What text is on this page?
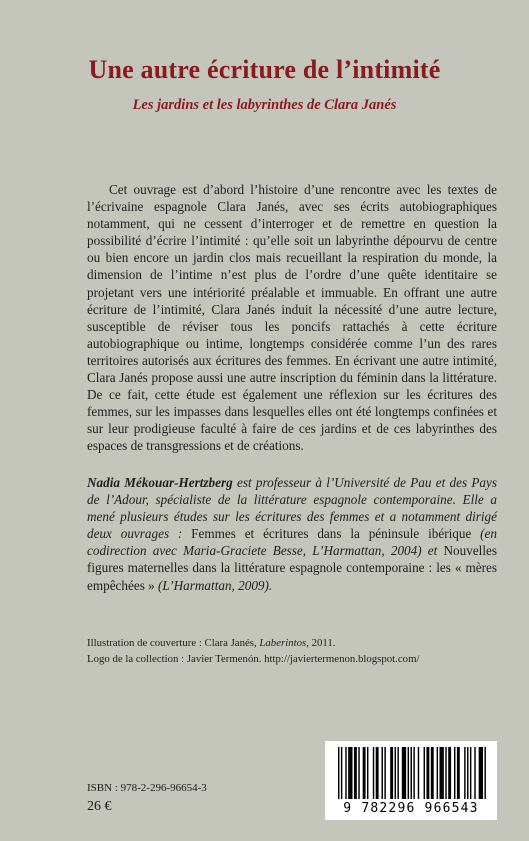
Une autre écriture de l’intimité
Les jardins et les labyrinthes de Clara Janés

Cet ouvrage est d’abord l’histoire d’une rencontre avec les textes de l’écrivaine espagnole Clara Janés, avec ses écrits autobiographiques notamment, qui ne cessent d’interroger et de remettre en question la possibilité d’écrire l’intimité : qu’elle soit un labyrinthe dépourvu de centre ou bien encore un jardin clos mais recueillant la respiration du monde, la dimension de l’intime n’est plus de l’ordre d’une quête identitaire se projetant vers une intériorité préalable et immuable. En offrant une autre écriture de l’intimité, Clara Janés induit la nécessité d’une autre lecture, susceptible de réviser tous les poncifs rattachés à cette écriture autobiographique ou intime, longtemps considérée comme l’un des rares territoires autorisés aux écritures des femmes. En écrivant une autre intimité, Clara Janés propose aussi une autre inscription du féminin dans la littérature. De ce fait, cette étude est également une réflexion sur les écritures des femmes, sur les impasses dans lesquelles elles ont été longtemps confinées et sur leur prodigieuse faculté à faire de ces jardins et de ces labyrinthes des espaces de transgressions et de créations.

Nadia Mékouar-Hertzberg est professeur à l’Université de Pau et des Pays de l’Adour, spécialiste de la littérature espagnole contemporaine. Elle a mené plusieurs études sur les écritures des femmes et a notamment dirigé deux ouvrages : Femmes et écritures dans la péninsule ibérique (en codirection avec Maria-Graciete Besse, L’Harmattan, 2004) et Nouvelles figures maternelles dans la littérature espagnole contemporaine : les « mères empêchées » (L’Harmattan, 2009).

Illustration de couverture : Clara Janés, Laberintos, 2011.
Logo de la collection : Javier Termenón. http://javiertermenon.blogspot.com/
ISBN : 978-2-296-96654-3
26 €	9 782296 966543
